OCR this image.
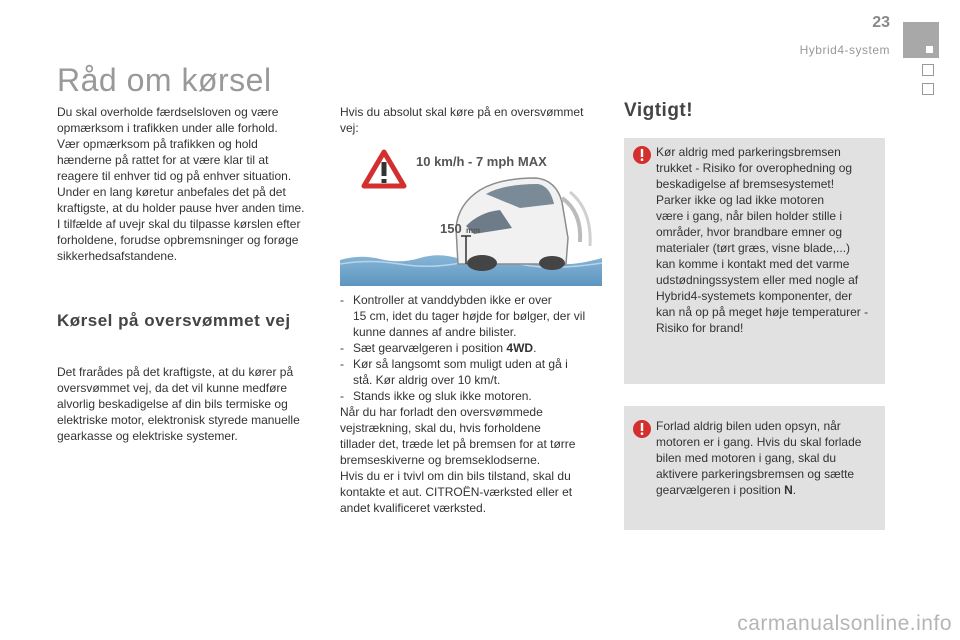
23
Hybrid4-system
Råd om kørsel

Du skal overholde færdselsloven og være
opmærksom i trafikken under alle forhold.

Vær opmærksom på trafikken og hold
hænderne på rattet for at være klar til at
reagere til enhver tid og på enhver situation.

Under en lang køretur anbefales det på det
kraftigste, at du holder pause hver anden time.

I tilfælde af uvejr skal du tilpasse kørslen efter
forholdene, forudse opbremsninger og forøge
sikkerhedsafstandene.

Kørsel på oversvømmet vej

Det frarådes på det kraftigste, at du kører på
oversvømmet vej, da det vil kunne medføre
alvorlig beskadigelse af din bils termiske og
elektriske motor, elektronisk styrede manuelle
gearkasse og elektriske systemer.

Hvis du absolut skal køre på en oversvømmet
vej:

10 km/h - 7 mph MAX
150 mm
- Kontroller at vanddybden ikke er over
15 cm, idet du tager højde for bølger, der vil
kunne dannes af andre bilister.
- Sæt gearvælgeren i position 4WD.
- Kør så langsomt som muligt uden at gå i
stå. Kør aldrig over 10 km/t.
- Stands ikke og sluk ikke motoren.

Når du har forladt den oversvømmede
vejstrækning, skal du, hvis forholdene
tillader det, træde let på bremsen for at tørre
bremseskiverne og bremseklodserne.
Hvis du er i tvivl om din bils tilstand, skal du
kontakte et aut. CITROËN-værksted eller et
andet kvalificeret værksted.

Vigtigt!

Kør aldrig med parkeringsbremsen
trukket - Risiko for overophedning og
beskadigelse af bremsesystemet!
Parker ikke og lad ikke motoren
være i gang, når bilen holder stille i
områder, hvor brandbare emner og
materialer (tørt græs, visne blade,...)
kan komme i kontakt med det varme
udstødningssystem eller med nogle af
Hybrid4-systemets komponenter, der
kan nå op på meget høje temperaturer -
Risiko for brand!

Forlad aldrig bilen uden opsyn, når
motoren er i gang. Hvis du skal forlade
bilen med motoren i gang, skal du
aktivere parkeringsbremsen og sætte
gearvælgeren i position N.

carmanualsonline.info
